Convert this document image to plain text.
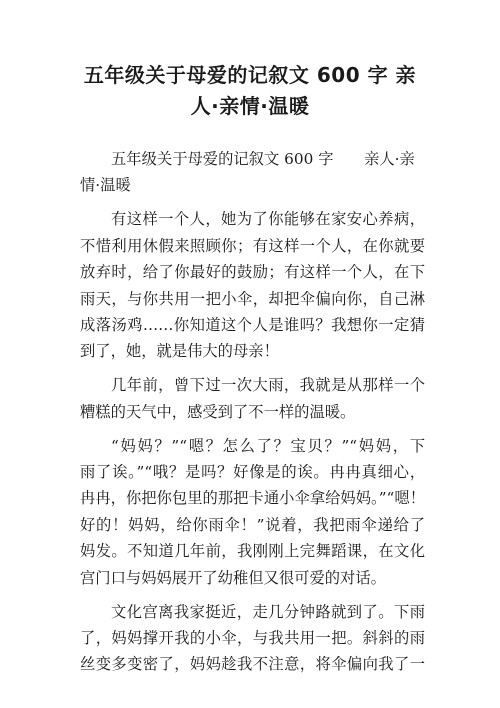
五年级关于母爱的记叙文 600 字 亲
人·亲情·温暖
五年级关于母爱的记叙文 600 字　　亲人·亲
情·温暖
有这样一个人，她为了你能够在家安心养病，
不惜利用休假来照顾你；有这样一个人，在你就要
放弃时，给了你最好的鼓励；有这样一个人，在下
雨天，与你共用一把小伞，却把伞偏向你，自己淋
成落汤鸡……你知道这个人是谁吗？我想你一定猜
到了，她，就是伟大的母亲！
几年前，曾下过一次大雨，我就是从那样一个
糟糕的天气中，感受到了不一样的温暖。
“妈妈？”“嗯？怎么了？宝贝？”“妈妈，下
雨了诶。”“哦？是吗？好像是的诶。冉冉真细心，
冉冉，你把你包里的那把卡通小伞拿给妈妈。”“嗯！
好的！妈妈，给你雨伞！”说着，我把雨伞递给了
妈发。不知道几年前，我刚刚上完舞蹈课，在文化
宫门口与妈妈展开了幼稚但又很可爱的对话。
文化宫离我家挺近，走几分钟路就到了。下雨
了，妈妈撑开我的小伞，与我共用一把。斜斜的雨
丝变多变密了，妈妈趁我不注意，将伞偏向我了一
